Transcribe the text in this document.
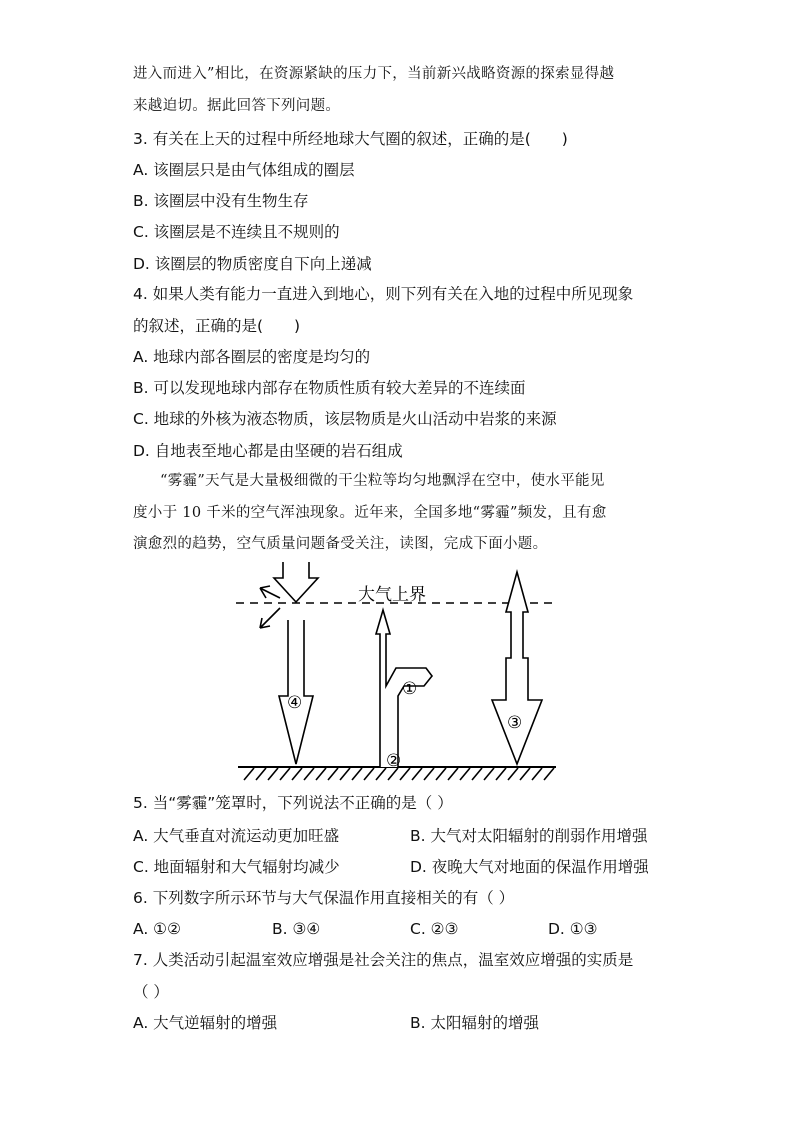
进入而进入”相比，在资源紧缺的压力下，当前新兴战略资源的探索显得越
来越迫切。据此回答下列问题。
3. 有关在上天的过程中所经地球大气圈的叙述，正确的是(　　)
A. 该圈层只是由气体组成的圈层
B. 该圈层中没有生物生存
C. 该圈层是不连续且不规则的
D. 该圈层的物质密度自下向上递减
4. 如果人类有能力一直进入到地心，则下列有关在入地的过程中所见现象
的叙述，正确的是(　　)
A. 地球内部各圈层的密度是均匀的
B. 可以发现地球内部存在物质性质有较大差异的不连续面
C. 地球的外核为液态物质，该层物质是火山活动中岩浆的来源
D. 自地表至地心都是由坚硬的岩石组成
“雾霾”天气是大量极细微的干尘粒等均匀地飘浮在空中，使水平能见
度小于 10 千米的空气浑浊现象。近年来，全国多地“雾霾”频发，且有愈
演愈烈的趋势，空气质量问题备受关注，读图，完成下面小题。
大气上界
④
①
②
③
5. 当“雾霾”笼罩时，下列说法不正确的是（ ）
A. 大气垂直对流运动更加旺盛	B. 大气对太阳辐射的削弱作用增强
C. 地面辐射和大气辐射均减少	D. 夜晚大气对地面的保温作用增强
6. 下列数字所示环节与大气保温作用直接相关的有（ ）
A. ①②	B. ③④	C. ②③	D. ①③
7. 人类活动引起温室效应增强是社会关注的焦点，温室效应增强的实质是
（ ）
A. 大气逆辐射的增强	B. 太阳辐射的增强
